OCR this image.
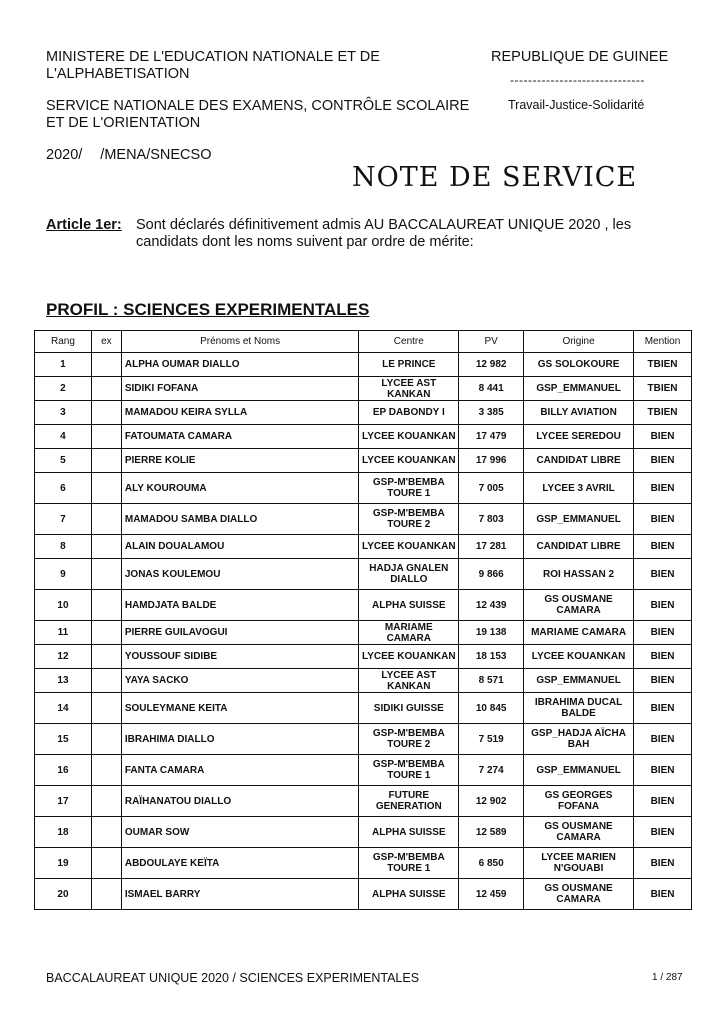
MINISTERE DE L'EDUCATION NATIONALE ET DE L'ALPHABETISATION
SERVICE NATIONALE DES EXAMENS, CONTRÔLE SCOLAIRE ET DE L'ORIENTATION
2020/ /MENA/SNECSO
REPUBLIQUE DE GUINEE
------------------------------
Travail-Justice-Solidarité
NOTE DE SERVICE
Article 1er: Sont déclarés définitivement admis AU BACCALAUREAT UNIQUE 2020 , les candidats dont les noms suivent par ordre de mérite:
PROFIL : SCIENCES EXPERIMENTALES
Rang	ex	Prénoms et Noms	Centre	PV	Origine	Mention
1		ALPHA OUMAR DIALLO	LE PRINCE	12 982	GS SOLOKOURE	TBIEN
2		SIDIKI FOFANA	LYCEE AST KANKAN	8 441	GSP_EMMANUEL	TBIEN
3		MAMADOU KEIRA SYLLA	EP DABONDY I	3 385	BILLY AVIATION	TBIEN
4		FATOUMATA CAMARA	LYCEE KOUANKAN	17 479	LYCEE SEREDOU	BIEN
5		PIERRE KOLIE	LYCEE KOUANKAN	17 996	CANDIDAT LIBRE	BIEN
6		ALY KOUROUMA	GSP-M'BEMBA TOURE 1	7 005	LYCEE 3 AVRIL	BIEN
7		MAMADOU SAMBA DIALLO	GSP-M'BEMBA TOURE 2	7 803	GSP_EMMANUEL	BIEN
8		ALAIN DOUALAMOU	LYCEE KOUANKAN	17 281	CANDIDAT LIBRE	BIEN
9		JONAS KOULEMOU	HADJA GNALEN DIALLO	9 866	ROI HASSAN 2	BIEN
10		HAMDJATA BALDE	ALPHA SUISSE	12 439	GS OUSMANE CAMARA	BIEN
11		PIERRE GUILAVOGUI	MARIAME CAMARA	19 138	MARIAME CAMARA	BIEN
12		YOUSSOUF SIDIBE	LYCEE KOUANKAN	18 153	LYCEE KOUANKAN	BIEN
13		YAYA SACKO	LYCEE AST KANKAN	8 571	GSP_EMMANUEL	BIEN
14		SOULEYMANE KEITA	SIDIKI GUISSE	10 845	IBRAHIMA DUCAL BALDE	BIEN
15		IBRAHIMA DIALLO	GSP-M'BEMBA TOURE 2	7 519	GSP_HADJA AÏCHA BAH	BIEN
16		FANTA CAMARA	GSP-M'BEMBA TOURE 1	7 274	GSP_EMMANUEL	BIEN
17		RAÏHANATOU DIALLO	FUTURE GENERATION	12 902	GS GEORGES FOFANA	BIEN
18		OUMAR SOW	ALPHA SUISSE	12 589	GS OUSMANE CAMARA	BIEN
19		ABDOULAYE KEÏTA	GSP-M'BEMBA TOURE 1	6 850	LYCEE MARIEN N'GOUABI	BIEN
20		ISMAEL BARRY	ALPHA SUISSE	12 459	GS OUSMANE CAMARA	BIEN
BACCALAUREAT UNIQUE 2020 / SCIENCES EXPERIMENTALES	1 / 287
